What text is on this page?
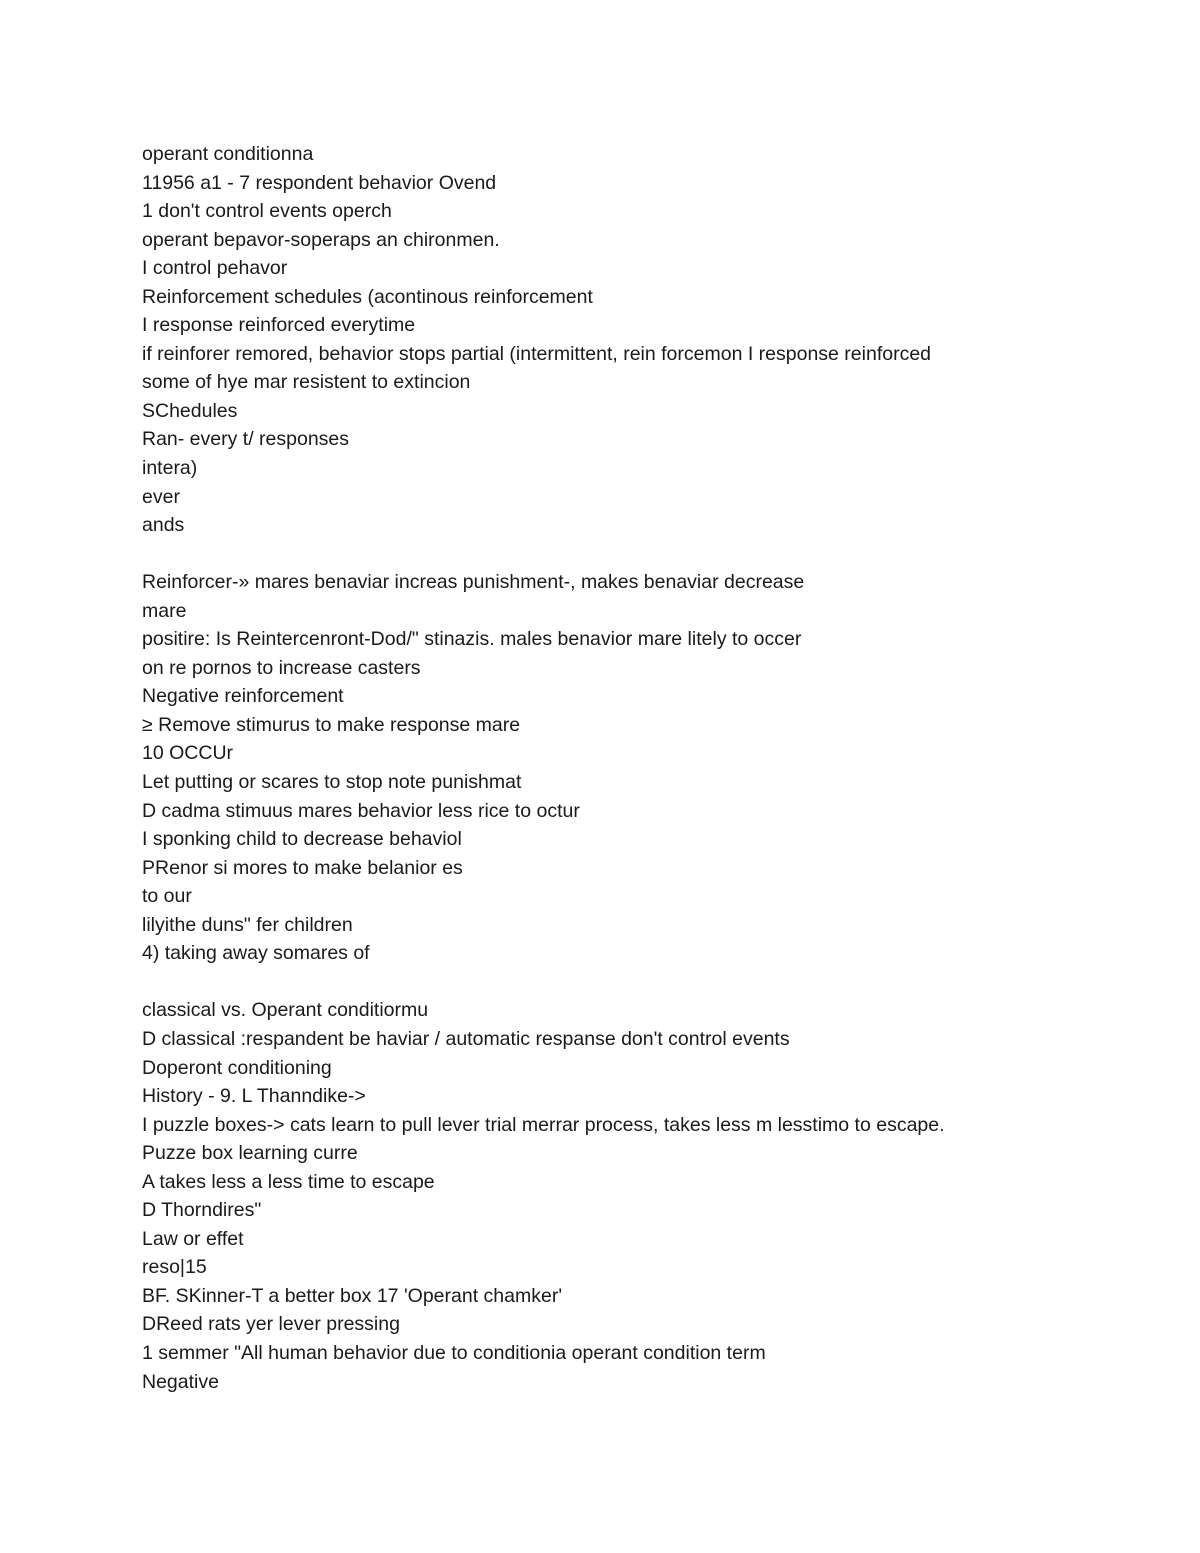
operant conditionna
11956 a1 - 7 respondent behavior Ovend
1 don't control events operch
operant bepavor-soperaps an chironmen.
I control pehavor
Reinforcement schedules (acontinous reinforcement
I response reinforced everytime
if reinforer remored, behavior stops partial (intermittent, rein forcemon I response reinforced
some of hye mar resistent to extincion
SChedules
Ran- every t/ responses
intera)
ever
ands
Reinforcer-» mares benaviar increas punishment-, makes benaviar decrease
mare
positire: Is Reintercenront-Dod/" stinazis. males benavior mare litely to occer
on re pornos to increase casters
Negative reinforcement
≥ Remove stimurus to make response mare
10 OCCUr
Let putting or scares to stop note punishmat
D cadma stimuus mares behavior less rice to octur
I sponking child to decrease behaviol
PRenor si mores to make belanior es
to our
lilyithe duns" fer children
4) taking away somares of
classical vs. Operant conditiormu
D classical :respandent be haviar / automatic respanse don't control events
Doperont conditioning
History - 9. L Thanndike->
I puzzle boxes-> cats learn to pull lever trial merrar process, takes less m lesstimo to escape.
Puzze box learning curre
A takes less a less time to escape
D Thorndires"
Law or effet
reso|15
BF. SKinner-T a better box 17 'Operant chamker'
DReed rats yer lever pressing
1 semmer "All human behavior due to conditionia operant condition term
Negative
